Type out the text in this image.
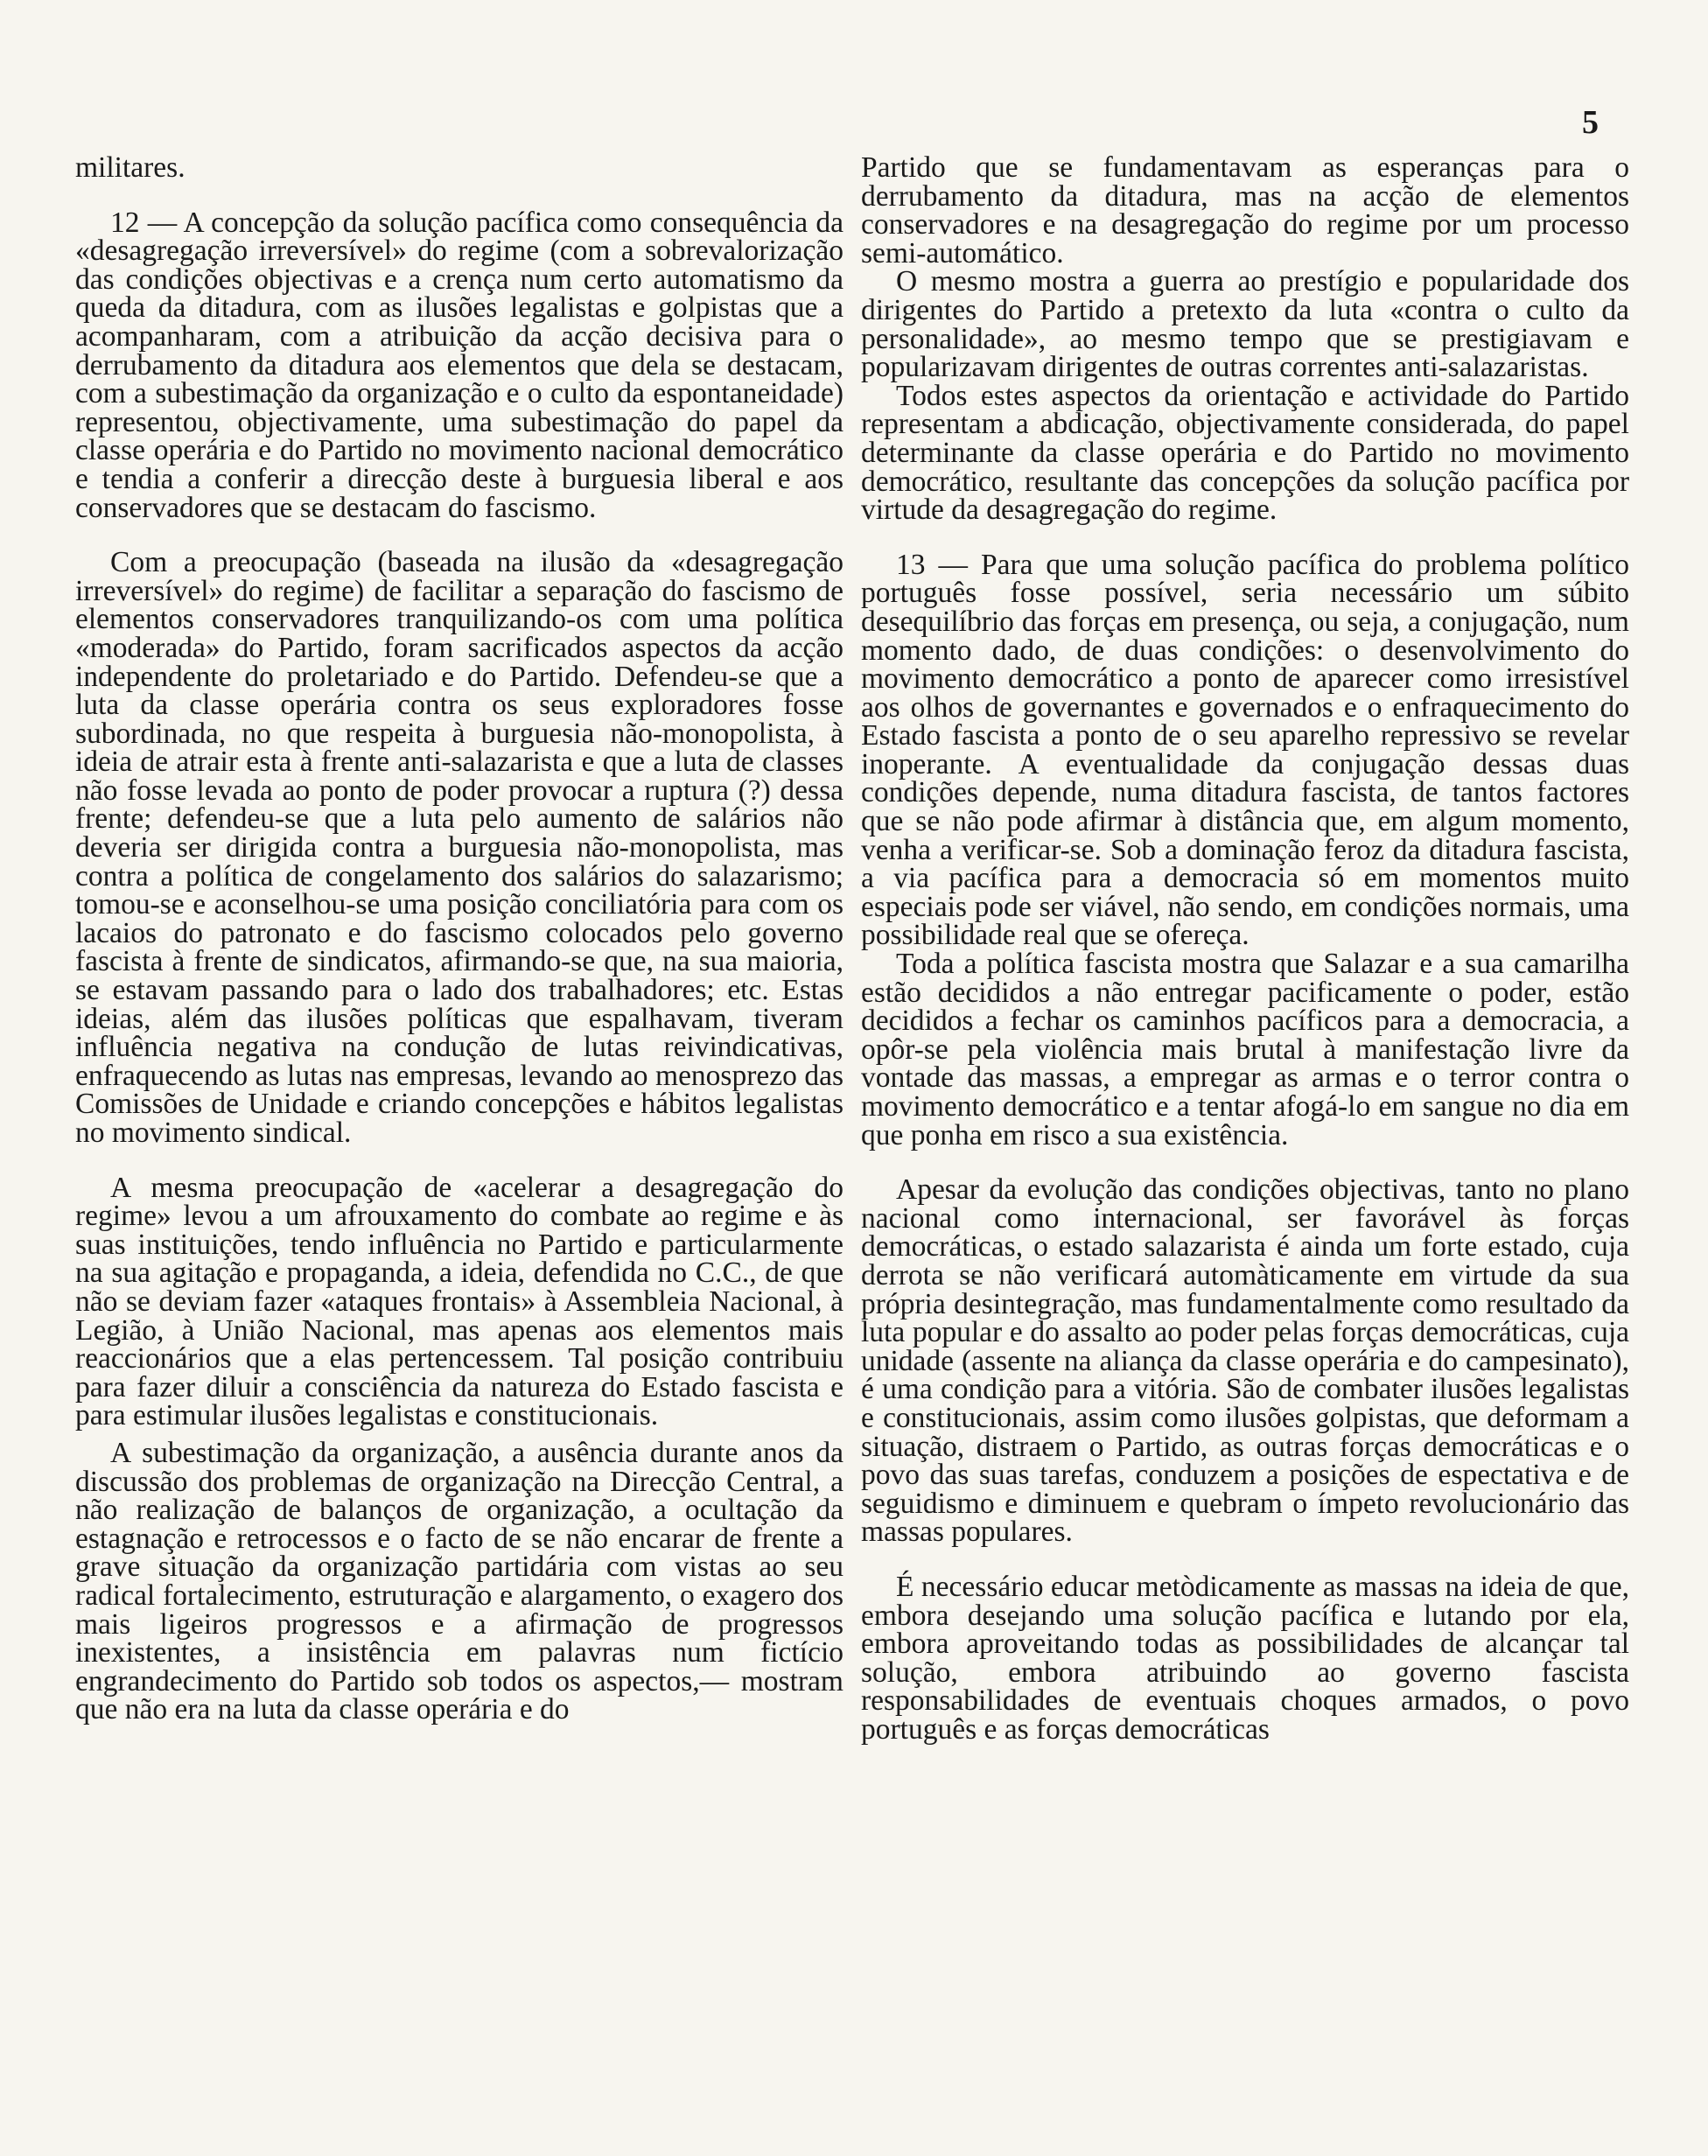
5

militares.

12 — A concepção da solução pacífica como consequência da «desagregação irreversível» do regime (com a sobrevalorização das condições objectivas e a crença num certo automatismo da queda da ditadura, com as ilusões legalistas e golpistas que a acompanharam, com a atribuição da acção decisiva para o derrubamento da ditadura aos elementos que dela se destacam, com a subestimação da organização e o culto da espontaneidade) representou, objectivamente, uma subestimação do papel da classe operária e do Partido no movimento nacional democrático e tendia a conferir a direcção deste à burguesia liberal e aos conservadores que se destacam do fascismo.

Com a preocupação (baseada na ilusão da «desagregação irreversível» do regime) de facilitar a separação do fascismo de elementos conservadores tranquilizando-os com uma política «moderada» do Partido, foram sacrificados aspectos da acção independente do proletariado e do Partido. Defendeu-se que a luta da classe operária contra os seus exploradores fosse subordinada, no que respeita à burguesia não-monopolista, à ideia de atrair esta à frente anti-salazarista e que a luta de classes não fosse levada ao ponto de poder provocar a ruptura (?) dessa frente; defendeu-se que a luta pelo aumento de salários não deveria ser dirigida contra a burguesia não-monopolista, mas contra a política de congelamento dos salários do salazarismo; tomou-se e aconselhou-se uma posição conciliatória para com os lacaios do patronato e do fascismo colocados pelo governo fascista à frente de sindicatos, afirmando-se que, na sua maioria, se estavam passando para o lado dos trabalhadores; etc. Estas ideias, além das ilusões políticas que espalhavam, tiveram influência negativa na condução de lutas reivindicativas, enfraquecendo as lutas nas empresas, levando ao menosprezo das Comissões de Unidade e criando concepções e hábitos legalistas no movimento sindical.

A mesma preocupação de «acelerar a desagregação do regime» levou a um afrouxamento do combate ao regime e às suas instituições, tendo influência no Partido e particularmente na sua agitação e propaganda, a ideia, defendida no C.C., de que não se deviam fazer «ataques frontais» à Assembleia Nacional, à Legião, à União Nacional, mas apenas aos elementos mais reaccionários que a elas pertencessem. Tal posição contribuiu para fazer diluir a consciência da natureza do Estado fascista e para estimular ilusões legalistas e constitucionais.

A subestimação da organização, a ausência durante anos da discussão dos problemas de organização na Direcção Central, a não realização de balanços de organização, a ocultação da estagnação e retrocessos e o facto de se não encarar de frente a grave situação da organização partidária com vistas ao seu radical fortalecimento, estruturação e alargamento, o exagero dos mais ligeiros progressos e a afirmação de progressos inexistentes, a insistência em palavras num fictício engrandecimento do Partido sob todos os aspectos,— mostram que não era na luta da classe operária e do

Partido que se fundamentavam as esperanças para o derrubamento da ditadura, mas na acção de elementos conservadores e na desagregação do regime por um processo semi-automático.

O mesmo mostra a guerra ao prestígio e popularidade dos dirigentes do Partido a pretexto da luta «contra o culto da personalidade», ao mesmo tempo que se prestigiavam e popularizavam dirigentes de outras correntes anti-salazaristas.

Todos estes aspectos da orientação e actividade do Partido representam a abdicação, objectivamente considerada, do papel determinante da classe operária e do Partido no movimento democrático, resultante das concepções da solução pacífica por virtude da desagregação do regime.

13 — Para que uma solução pacífica do problema político português fosse possível, seria necessário um súbito desequilíbrio das forças em presença, ou seja, a conjugação, num momento dado, de duas condições: o desenvolvimento do movimento democrático a ponto de aparecer como irresistível aos olhos de governantes e governados e o enfraquecimento do Estado fascista a ponto de o seu aparelho repressivo se revelar inoperante. A eventualidade da conjugação dessas duas condições depende, numa ditadura fascista, de tantos factores que se não pode afirmar à distância que, em algum momento, venha a verificar-se. Sob a dominação feroz da ditadura fascista, a via pacífica para a democracia só em momentos muito especiais pode ser viável, não sendo, em condições normais, uma possibilidade real que se ofereça.

Toda a política fascista mostra que Salazar e a sua camarilha estão decididos a não entregar pacificamente o poder, estão decididos a fechar os caminhos pacíficos para a democracia, a opôr-se pela violência mais brutal à manifestação livre da vontade das massas, a empregar as armas e o terror contra o movimento democrático e a tentar afogá-lo em sangue no dia em que ponha em risco a sua existência.

Apesar da evolução das condições objectivas, tanto no plano nacional como internacional, ser favorável às forças democráticas, o estado salazarista é ainda um forte estado, cuja derrota se não verificará automàticamente em virtude da sua própria desintegração, mas fundamentalmente como resultado da luta popular e do assalto ao poder pelas forças democráticas, cuja unidade (assente na aliança da classe operária e do campesinato), é uma condição para a vitória. São de combater ilusões legalistas e constitucionais, assim como ilusões golpistas, que deformam a situação, distraem o Partido, as outras forças democráticas e o povo das suas tarefas, conduzem a posições de espectativa e de seguidismo e diminuem e quebram o ímpeto revolucionário das massas populares.

É necessário educar metòdicamente as massas na ideia de que, embora desejando uma solução pacífica e lutando por ela, embora aproveitando todas as possibilidades de alcançar tal solução, embora atribuindo ao governo fascista responsabilidades de eventuais choques armados, o povo português e as forças democráticas
